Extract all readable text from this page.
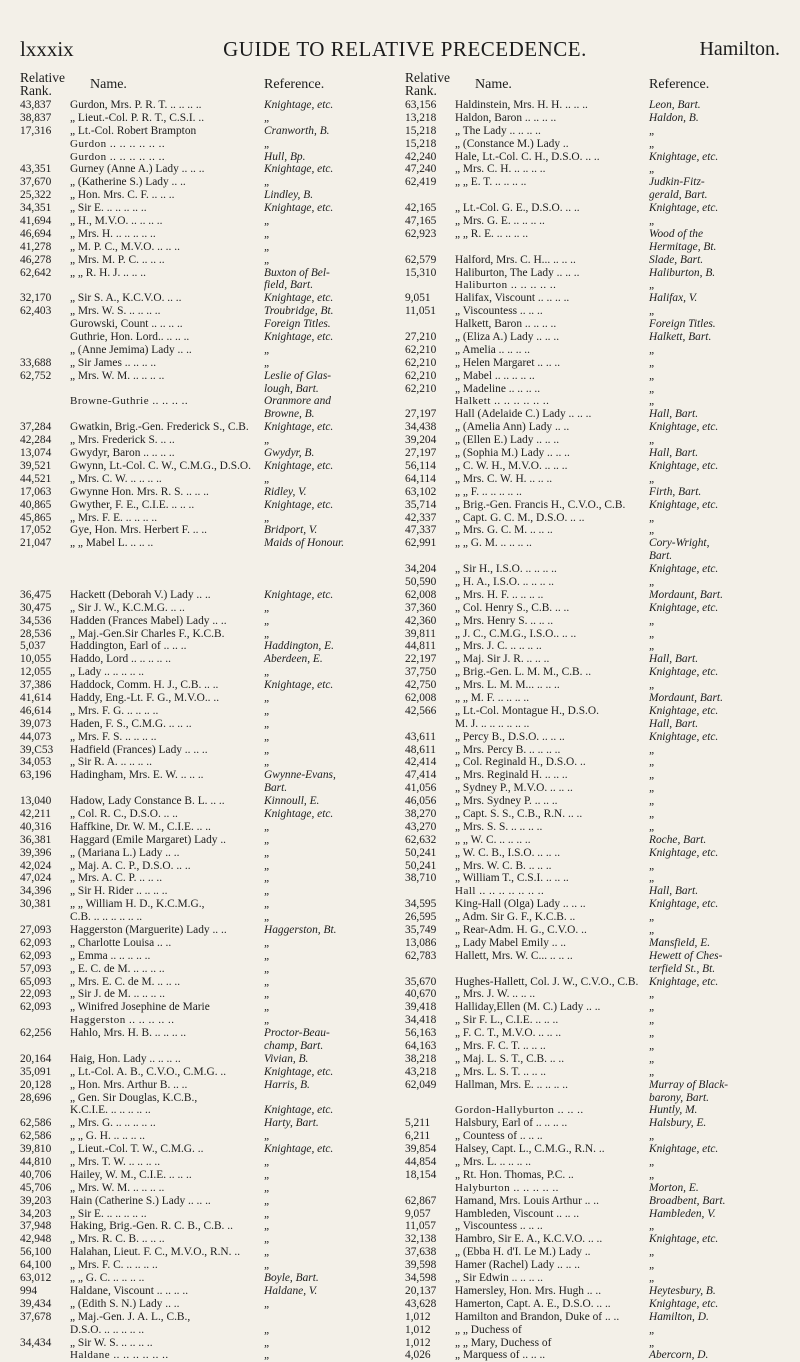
lxxxix	GUIDE TO RELATIVE PRECEDENCE.	Hamilton.
Relative Rank.	Name.	Reference.
43,837	Gurdon, Mrs. P. R. T. .. .. .. ..	Knightage, etc.
38,837	„ Lieut.-Col. P. R. T., C.S.I. ..	„
17,316	„ Lt.-Col. Robert Brampton	Cranworth, B.
Gurdon .. .. .. .. .. ..	„
Gurdon .. .. .. .. .. ..	Hull, Bp.
43,351	Gurney (Anne A.) Lady .. .. ..	Knightage, etc.
37,670	„ (Katherine S.) Lady .. ..	„
25,322	„ Hon. Mrs. C. F. .. .. ..	Lindley, B.
34,351	„ Sir E. .. .. .. .. ..	Knightage, etc.
41,694	„ H., M.V.O. .. .. .. ..	„
46,694	„ Mrs. H. .. .. .. .. ..	„
41,278	„ M. P. C., M.V.O. .. .. ..	„
46,278	„ Mrs. M. P. C. .. .. ..	„
62,642	„ „ R. H. J. .. .. ..	Buxton of Bel-
field, Bart.
32,170	„ Sir S. A., K.C.V.O. .. ..	Knightage, etc.
62,403	„ Mrs. W. S. .. .. .. ..	Troubridge, Bt.
Gurowski, Count .. .. .. ..	Foreign Titles.
Guthrie, Hon. Lord.. .. .. ..	Knightage, etc.
„ (Anne Jemima) Lady .. ..	„
33,688	„ Sir James .. .. .. ..	„
62,752	„ Mrs. W. M. .. .. .. ..	Leslie of Glas-
lough, Bart.
Browne-Guthrie .. .. .. ..	Oranmore and
Browne, B.
37,284	Gwatkin, Brig.-Gen. Frederick S., C.B. Knightage, etc.
42,284	„ Mrs. Frederick S. .. ..	„
13,074	Gwydyr, Baron .. .. .. ..	Gwydyr, B.
39,521	Gwynn, Lt.-Col. C. W., C.M.G., D.S.O. Knightage, etc.
44,521	„ Mrs. C. W. .. .. .. ..	„
17,063	Gwynne Hon. Mrs. R. S. .. .. ..	Ridley, V.
40,865	Gwyther, F. E., C.I.E. .. .. ..	Knightage, etc.
45,865	„ Mrs. F. E. .. .. .. ..	„
17,052	Gye, Hon. Mrs. Herbert F. .. ..	Bridport, V.
21,047	„ „ Mabel L. .. .. ..	Maids of Honour.
36,475	Hackett (Deborah V.) Lady .. ..	Knightage, etc.
30,475	„ Sir J. W., K.C.M.G. .. ..	„
34,536	Hadden (Frances Mabel) Lady .. ..	„
28,536	„ Maj.-Gen.Sir Charles F., K.C.B.	„
5,037	Haddington, Earl of .. .. ..	Haddington, E.
10,055	Haddo, Lord .. .. .. .. ..	Aberdeen, E.
12,055	„ Lady .. .. .. .. ..	„
37,386	Haddock, Comm. H. J., C.B. .. ..	Knightage, etc.
41,614	Haddy, Eng.-Lt. F. G., M.V.O.. ..	„
46,614	„ Mrs. F. G. .. .. .. ..	„
39,073	Haden, F. S., C.M.G. .. .. ..	„
44,073	„ Mrs. F. S. .. .. .. ..	„
39,C53	Hadfield (Frances) Lady .. .. ..	„
34,053	„ Sir R. A. .. .. .. ..	„
63,196	Hadingham, Mrs. E. W. .. .. ..	Gwynne-Evans,
Bart.
13,040	Hadow, Lady Constance B. L. .. ..	Kinnoull, E.
42,211	„ Col. R. C., D.S.O. .. ..	Knightage, etc.
40,316	Haffkine, Dr. W. M., C.I.E. .. ..	„
36,381	Haggard (Emile Margaret) Lady ..	„
39,396	„ (Mariana L.) Lady .. ..	„
42,024	„ Maj. A. C. P., D.S.O. .. ..	„
47,024	„ Mrs. A. C. P. .. .. ..	„
34,396	„ Sir H. Rider .. .. .. ..	„
30,381	„ „ William H. D., K.C.M.G.,	„
C.B. .. .. .. .. .. ..	„
27,093	Haggerston (Marguerite) Lady .. ..	Haggerston, Bt.
62,093	„ Charlotte Louisa .. ..	„
62,093	„ Emma .. .. .. .. ..	„
57,093	„ E. C. de M. .. .. .. ..	„
65,093	„ Mrs. E. C. de M. .. .. ..	„
22,093	„ Sir J. de M. .. .. .. ..	„
62,093	„ Winifred Josephine de Marie	„
Haggerston .. .. .. .. ..	„
62,256	Hahlo, Mrs. H. B. .. .. .. ..	Proctor-Beau-
champ, Bart.
20,164	Haig, Hon. Lady .. .. .. ..	Vivian, B.
35,091	„ Lt.-Col. A. B., C.V.O., C.M.G. ..	Knightage, etc.
20,128	„ Hon. Mrs. Arthur B. .. ..	Harris, B.
28,696	„ Gen. Sir Douglas, K.C.B.,
K.C.I.E. .. .. .. .. ..	Knightage, etc.
62,586	„ Mrs. G. .. .. .. .. ..	Harty, Bart.
62,586	„ „ G. H. .. .. .. ..	„
39,810	„ Lieut.-Col. T. W., C.M.G. ..	Knightage, etc.
44,810	„ Mrs. T. W. .. .. .. ..	„
40,706	Hailey, W. M., C.I.E. .. .. ..	„
45,706	„ Mrs. W. M. .. .. .. ..	„
39,203	Hain (Catherine S.) Lady .. .. ..	„
34,203	„ Sir E. .. .. .. .. ..	„
37,948	Haking, Brig.-Gen. R. C. B., C.B. ..	„
42,948	„ Mrs. R. C. B. .. .. ..	„
56,100	Halahan, Lieut. F. C., M.V.O., R.N. .. „
64,100	„ Mrs. F. C. .. .. .. ..	„
63,012	„ „ G. C. .. .. .. ..	Boyle, Bart.
994	Haldane, Viscount .. .. .. ..	Haldane, V.
39,434	„ (Edith S. N.) Lady .. ..	„
37,678	„ Maj.-Gen. J. A. L., C.B.,
D.S.O. .. .. .. .. ..	„
34,434	„ Sir W. S. .. .. .. ..	„
Haldane .. .. .. .. .. ..	„
Relative Rank.	Name.	Reference.
63,156	Haldinstein, Mrs. H. H. .. .. ..	Leon, Bart.
13,218	Haldon, Baron .. .. .. ..	Haldon, B.
15,218	„ The Lady .. .. .. ..	„
15,218	„ (Constance M.) Lady ..	„
42,240	Hale, Lt.-Col. C. H., D.S.O. .. ..	Knightage, etc.
47,240	„ Mrs. C. H. .. .. .. ..	„
62,419	„ „ E. T. .. .. .. ..	Judkin-Fitz-
gerald, Bart.
42,165	„ Lt.-Col. G. E., D.S.O. .. ..	Knightage, etc.
47,165	„ Mrs. G. E. .. .. .. ..	„
62,923	„ „ R. E. .. .. .. ..	Wood of the
Hermitage, Bt.
62,579	Halford, Mrs. C. H... .. .. ..	Slade, Bart.
15,310	Haliburton, The Lady .. .. ..	Haliburton, B.
Haliburton .. .. .. .. ..	„
9,051	Halifax, Viscount .. .. .. ..	Halifax, V.
11,051	„ Viscountess .. .. ..	„
Halkett, Baron .. .. .. ..	Foreign Titles.
27,210	„ (Eliza A.) Lady .. .. ..	Halkett, Bart.
62,210	„ Amelia .. .. .. ..	„
62,210	„ Helen Margaret .. .. ..	„
62,210	„ Mabel .. .. .. .. ..	„
62,210	„ Madeline .. .. .. ..	„
Halkett .. .. .. .. .. ..	„
27,197	Hall (Adelaide C.) Lady .. .. ..	Hall, Bart.
34,438	„ (Amelia Ann) Lady .. ..	Knightage, etc.
39,204	„ (Ellen E.) Lady .. .. ..	„
27,197	„ (Sophia M.) Lady .. .. ..	Hall, Bart.
56,114	„ C. W. H., M.V.O. .. .. ..	Knightage, etc.
64,114	„ Mrs. C. W. H. .. .. ..	„
63,102	„ „ F. .. .. .. .. ..	Firth, Bart.
35,714	„ Brig.-Gen. Francis H., C.V.O., C.B. Knightage, etc.
42,337	„ Capt. G. C. M., D.S.O. .. ..	„
47,337	„ Mrs. G. C. M. .. .. ..	„
62,991	„ „ G. M. .. .. .. ..	Cory-Wright,
Bart.
34,204	„ Sir H., I.S.O. .. .. .. ..	Knightage, etc.
50,590	„ H. A., I.S.O. .. .. .. ..	„
62,008	„ Mrs. H. F. .. .. .. ..	Mordaunt, Bart.
37,360	„ Col. Henry S., C.B. .. ..	Knightage, etc.
42,360	„ Mrs. Henry S. .. .. ..	„
39,811	„ J. C., C.M.G., I.S.O.. .. ..	„
44,811	„ Mrs. J. C. .. .. .. ..	„
22,197	„ Maj. Sir J. R. .. .. ..	Hall, Bart.
37,750	„ Brig.-Gen. L. M. M., C.B. ..	Knightage, etc.
42,750	„ Mrs. L. M. M... .. .. ..	„
62,008	„ „ M. F. .. .. .. ..	Mordaunt, Bart.
42,566	„ Lt.-Col. Montague H., D.S.O.	Knightage, etc.
M. J. .. .. .. .. .. ..	Hall, Bart.
43,611	„ Percy B., D.S.O. .. .. ..	Knightage, etc.
48,611	„ Mrs. Percy B. .. .. .. ..	„
42,414	„ Col. Reginald H., D.S.O. ..	„
47,414	„ Mrs. Reginald H. .. .. ..	„
41,056	„ Sydney P., M.V.O. .. .. ..	„
46,056	„ Mrs. Sydney P. .. .. ..	„
38,270	„ Capt. S. S., C.B., R.N. .. ..	„
43,270	„ Mrs. S. S. .. .. .. ..	„
62,632	„ „ W. C. .. .. .. ..	Roche, Bart.
50,241	„ W. C. B., I.S.O. .. .. ..	Knightage, etc.
50,241	„ Mrs. W. C. B. .. .. ..	„
38,710	„ William T., C.S.I. .. .. ..	„
Hall .. .. .. .. .. .. ..	Hall, Bart.
34,595	King-Hall (Olga) Lady .. .. ..	Knightage, etc.
26,595	„ Adm. Sir G. F., K.C.B. ..	„
35,749	„ Rear-Adm. H. G., C.V.O. ..	„
13,086	„ Lady Mabel Emily .. ..	Mansfield, E.
62,783	Hallett, Mrs. W. C... .. .. ..	Hewett of Ches-
terfield St., Bt.
35,670	Hughes-Hallett, Col. J. W., C.V.O., C.B. Knightage, etc.
40,670	„ Mrs. J. W. .. .. ..	„
39,418	Halliday,Ellen (M. C.) Lady .. ..	„
34,418	„ Sir F. L., C.I.E. .. .. ..	„
56,163	„ F. C. T., M.V.O. .. .. ..	„
64,163	„ Mrs. F. C. T. .. .. ..	„
38,218	„ Maj. L. S. T., C.B. .. ..	„
43,218	„ Mrs. L. S. T. .. .. ..	„
62,049	Hallman, Mrs. E. .. .. .. ..	Murray of Black-
barony, Bart.
Gordon-Hallyburton .. .. ..	Huntly, M.
5,211	Halsbury, Earl of .. .. .. ..	Halsbury, E.
6,211	„ Countess of .. .. ..	„
39,854	Halsey, Capt. L., C.M.G., R.N. ..	Knightage, etc.
44,854	„ Mrs. L. .. .. .. ..	„
18,154	„ Rt. Hon. Thomas, P.C. ..	„
Halyburton .. .. .. .. ..	Morton, E.
62,867	Hamand, Mrs. Louis Arthur .. ..	Broadbent, Bart.
9,057	Hambleden, Viscount .. .. ..	Hambleden, V.
11,057	„ Viscountess .. .. ..	„
32,138	Hambro, Sir E. A., K.C.V.O. .. ..	Knightage, etc.
37,638	„ (Ebba H. d'I. Le M.) Lady ..	„
39,598	Hamer (Rachel) Lady .. .. ..	„
34,598	„ Sir Edwin .. .. .. ..	„
20,137	Hamersley, Hon. Mrs. Hugh .. ..	Heytesbury, B.
43,628	Hamerton, Capt. A. E., D.S.O. .. ..	Knightage, etc.
1,012	Hamilton and Brandon, Duke of .. ..	Hamilton, D.
1,012	„ „ Duchess of	„
1,012	„ „ Mary, Duchess of	„
4,026	„ Marquess of .. .. ..	Abercorn, D.
